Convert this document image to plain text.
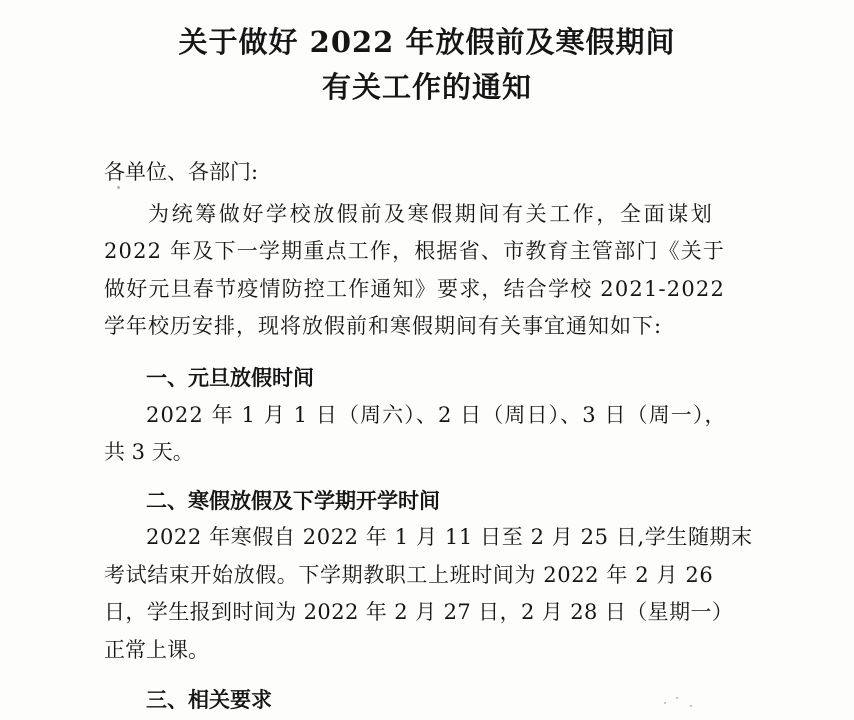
关于做好 2022 年放假前及寒假期间
有关工作的通知
各单位、各部门:
为统筹做好学校放假前及寒假期间有关工作，全面谋划
2022 年及下一学期重点工作，根据省、市教育主管部门《关于
做好元旦春节疫情防控工作通知》要求，结合学校 2021-2022
学年校历安排，现将放假前和寒假期间有关事宜通知如下:
一、元旦放假时间
2022 年 1 月 1 日（周六）、2 日（周日）、3 日（周一），
共 3 天。
二、寒假放假及下学期开学时间
2022 年寒假自 2022 年 1 月 11 日至 2 月 25 日,学生随期末
考试结束开始放假。下学期教职工上班时间为 2022 年 2 月 26
日，学生报到时间为 2022 年 2 月 27 日，2 月 28 日（星期一）
正常上课。
三、相关要求
